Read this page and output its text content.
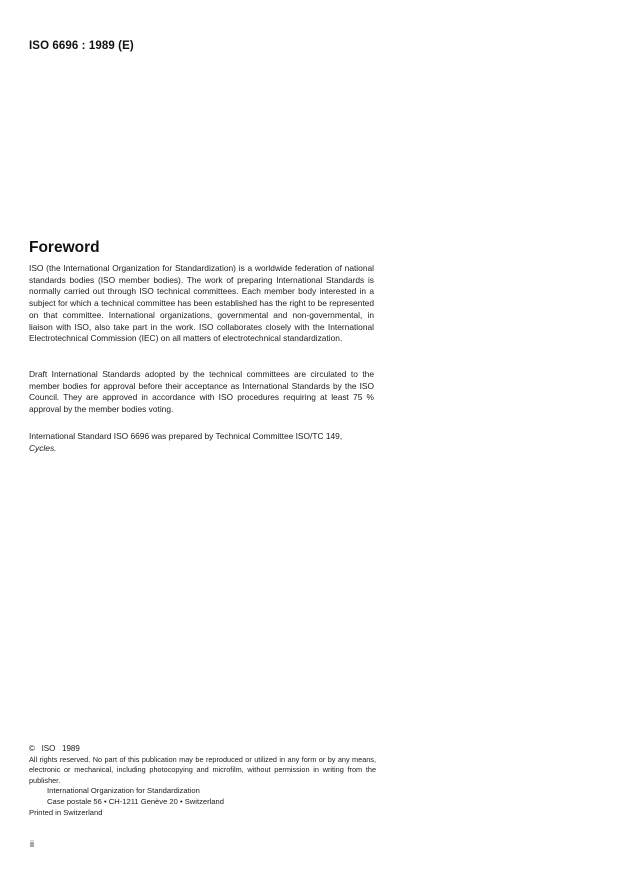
ISO 6696 : 1989 (E)
Foreword

ISO (the International Organization for Standardization) is a worldwide federation of national standards bodies (ISO member bodies). The work of preparing International Standards is normally carried out through ISO technical committees. Each member body interested in a subject for which a technical committee has been established has the right to be represented on that committee. International organizations, governmental and non-governmental, in liaison with ISO, also take part in the work. ISO collaborates closely with the International Electrotechnical Commission (IEC) on all matters of electrotechnical standardization.

Draft International Standards adopted by the technical committees are circulated to the member bodies for approval before their acceptance as International Standards by the ISO Council. They are approved in accordance with ISO procedures requiring at least 75 % approval by the member bodies voting.

International Standard ISO 6696 was prepared by Technical Committee ISO/TC 149,
Cycles.

© ISO 1989
All rights reserved. No part of this publication may be reproduced or utilized in any form or by any means, electronic or mechanical, including photocopying and microfilm, without permission in writing from the publisher.
International Organization for Standardization
Case postale 56 • CH-1211 Genève 20 • Switzerland
Printed in Switzerland
ii
